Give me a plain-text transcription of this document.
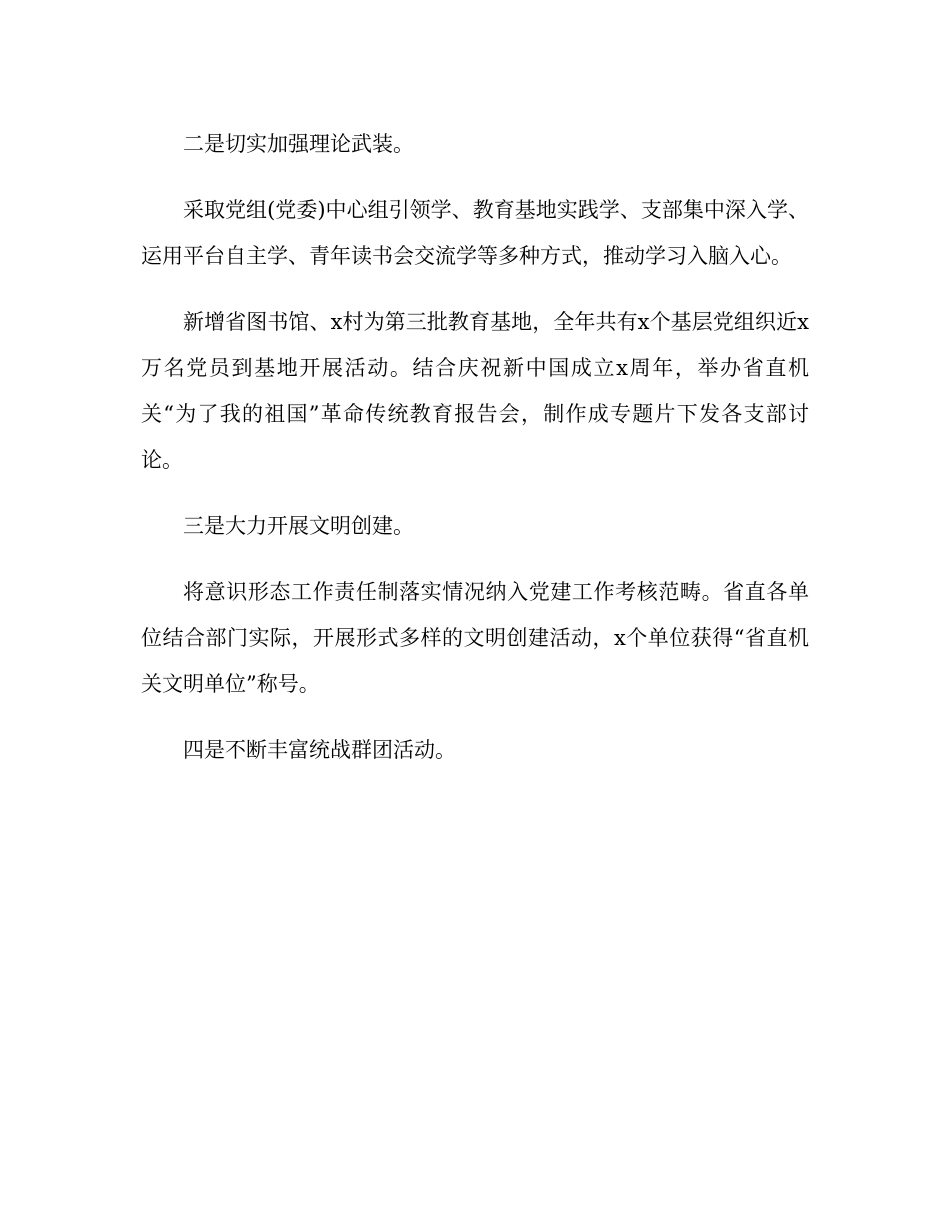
二是切实加强理论武装。

采取党组(党委)中心组引领学、教育基地实践学、支部集中深入学、运用平台自主学、青年读书会交流学等多种方式，推动学习入脑入心。

新增省图书馆、x村为第三批教育基地，全年共有x个基层党组织近x万名党员到基地开展活动。结合庆祝新中国成立x周年，举办省直机关“为了我的祖国”革命传统教育报告会，制作成专题片下发各支部讨论。

三是大力开展文明创建。

将意识形态工作责任制落实情况纳入党建工作考核范畴。省直各单位结合部门实际，开展形式多样的文明创建活动，x个单位获得“省直机关文明单位”称号。

四是不断丰富统战群团活动。
